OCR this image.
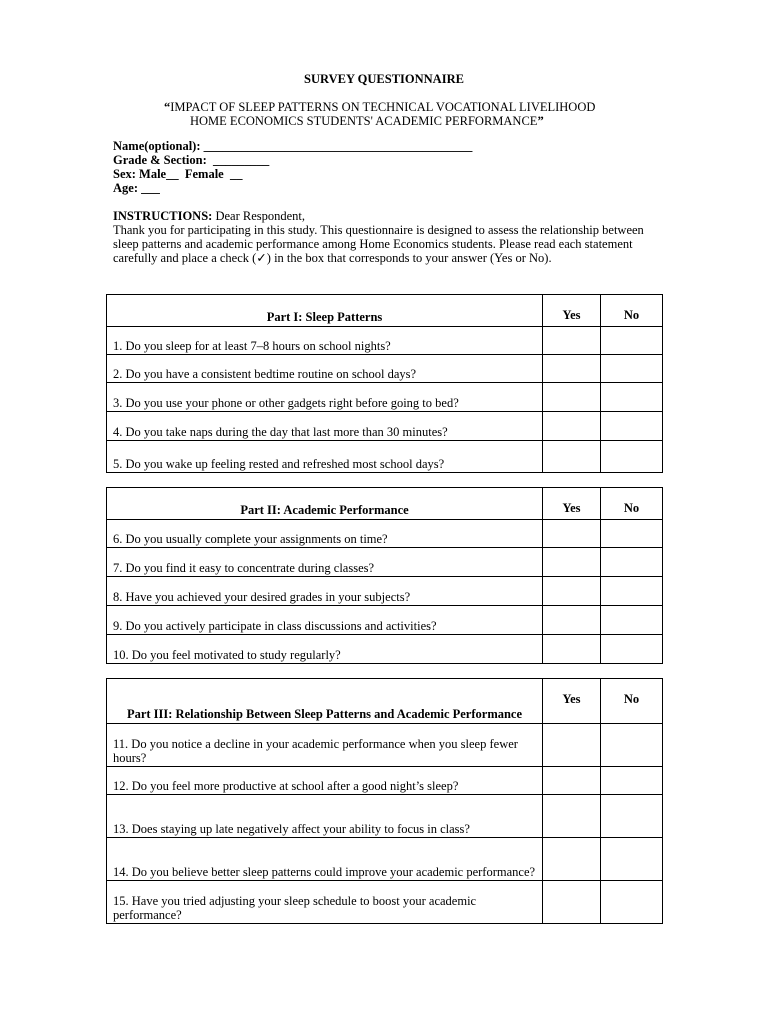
SURVEY QUESTIONNAIRE
“IMPACT OF SLEEP PATTERNS ON TECHNICAL VOCATIONAL LIVELIHOOD
HOME ECONOMICS STUDENTS' ACADEMIC PERFORMANCE”
Name(optional): ___________________________________________
Grade & Section:  _________
Sex: Male__  Female  __
Age: ___
INSTRUCTIONS: Dear Respondent,
Thank you for participating in this study. This questionnaire is designed to assess the relationship between sleep patterns and academic performance among Home Economics students. Please read each statement carefully and place a check (✓) in the box that corresponds to your answer (Yes or No).
Part I: Sleep Patterns	Yes	No
1. Do you sleep for at least 7–8 hours on school nights?		
2. Do you have a consistent bedtime routine on school days?		
3. Do you use your phone or other gadgets right before going to bed?		
4. Do you take naps during the day that last more than 30 minutes?		
5. Do you wake up feeling rested and refreshed most school days?		
Part II: Academic Performance	Yes	No
6. Do you usually complete your assignments on time?		
7. Do you find it easy to concentrate during classes?		
8. Have you achieved your desired grades in your subjects?		
9. Do you actively participate in class discussions and activities?		
10. Do you feel motivated to study regularly?		
Part III: Relationship Between Sleep Patterns and Academic Performance	Yes	No
11. Do you notice a decline in your academic performance when you sleep fewer hours?		
12. Do you feel more productive at school after a good night’s sleep?		
13. Does staying up late negatively affect your ability to focus in class?		
14. Do you believe better sleep patterns could improve your academic performance?		
15. Have you tried adjusting your sleep schedule to boost your academic performance?		
